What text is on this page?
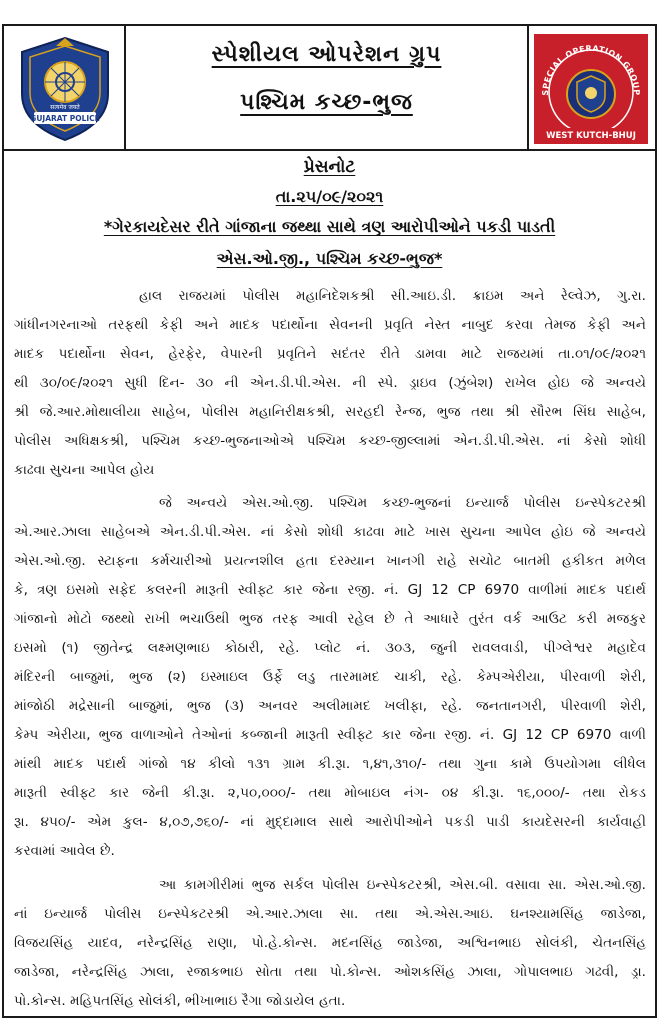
GUJARAT POLICE
सत्यमेव जयते
સ્પેશીયલ ઓપરેશન ગ્રુપ
પશ્ચિમ કચ્છ-ભુજ	SPECIAL OPERATION GROUP
WEST KUTCH-BHUJ
પ્રેસનોટ
તા.૨૫/૦૯/૨૦૨૧
*ગેરકાયદેસર રીતે ગાંજાના જથ્થા સાથે ત્રણ આરોપીઓને પકડી પાડતી
એસ.ઓ.જી., પશ્ચિમ કચ્છ-ભુજ*
હાલ રાજયમાં પોલીસ મહાનિદેશકશ્રી સી.આઇ.ડી. ક્રાઇમ અને રેલ્વેઝ, ગુ.રા.
ગાંધીનગરનાઓ તરફથી કેફી અને માદક પદાર્થોના સેવનની પ્રવૃતિ નેસ્ત નાબુદ કરવા તેમજ કેફી અને
માદક પદાર્થોના સેવન, હેરફેર, વેપારની પ્રવૃતિને સદંતર રીતે ડામવા માટે રાજયમાં તા.૦૧/૦૯/૨૦૨૧
થી ૩૦/૦૯/૨૦૨૧ સુધી દિન- ૩૦ ની એન.ડી.પી.એસ. ની સ્પે. ડ્રાઇવ (ઝુંબેશ) રાખેલ હોઇ જે અન્વયે
શ્રી જે.આર.મોથાલીયા સાહેબ, પોલીસ મહાનિરીક્ષકશ્રી, સરહદી રેન્જ, ભુજ તથા શ્રી સૌરભ સિંઘ સાહેબ,
પોલીસ અધિક્ષકશ્રી, પશ્ચિમ કચ્છ-ભુજનાઓએ પશ્ચિમ કચ્છ-જીલ્લામાં એન.ડી.પી.એસ. નાં કેસો શોધી
કાઢવા સુચના આપેલ હોય
જે અન્વયે એસ.ઓ.જી. પશ્ચિમ કચ્છ-ભુજનાં ઇન્યાર્જ પોલીસ ઇન્સ્પેકટરશ્રી
એ.આર.ઝાલા સાહેબએ એન.ડી.પી.એસ. નાં કેસો શોધી કાઢવા માટે ખાસ સુચના આપેલ હોઇ જે અન્વયે
એસ.ઓ.જી. સ્ટાફના કર્મચારીઓ પ્રયત્નશીલ હતા દરમ્યાન ખાનગી રાહે સચોટ બાતમી હકીકત મળેલ
કે, ત્રણ ઇસમો સફેદ કલરની મારૂતી સ્વીફ્ટ કાર જેના રજી. નં. GJ 12 CP 6970 વાળીમાં માદક પદાર્થ
ગાંજાનો મોટો જથ્થો રાખી ભચાઉથી ભુજ તરફ આવી રહેલ છે તે આધારે તુરંત વર્ક આઉટ કરી મજકુર
ઇસમો (૧) જીતેન્દ્ર લક્ષ્મણભાઇ કોઠારી, રહે. પ્લોટ નં. ૩૦૩, જુની રાવલવાડી, પીગ્લેશ્વર મહાદેવ
મંદિરની બાજુમાં, ભુજ (૨) ઇસ્માઇલ ઉર્ફે લડુ તારમામદ ચાકી, રહે. કેમ્પએરીયા, પીરવાળી શેરી,
માંજોઠી મદ્રેસાની બાજુમાં, ભુજ (૩) અનવર અલીમામદ ખલીફા, રહે. જનતાનગરી, પીરવાળી શેરી,
કેમ્પ એરીયા, ભુજ વાળાઓને તેઓનાં કબ્જાની મારૂતી સ્વીફ્ટ કાર જેના રજી. નં. GJ 12 CP 6970 વાળી
માંથી માદક પદાર્થ ગાંજો ૧૪ કીલો ૧૩૧ ગ્રામ કી.રૂા. ૧,૪૧,૩૧૦/- તથા ગુના કામે ઉપયોગમા લીધેલ
મારૂતી સ્વીફ્ટ કાર જેની કી.રૂા. ૨,૫૦,૦૦૦/- તથા મોબાઇલ નંગ- ૦૪ કી.રૂા. ૧૬,૦૦૦/- તથા રોકડ
રૂા. ૪૫૦/- એમ કુલ- ૪,૦૭,૭૬૦/- નાં મુદ્દામાલ સાથે આરોપીઓને પકડી પાડી કાયદેસરની કાર્યવાહી
કરવામાં આવેલ છે.
આ કામગીરીમાં ભુજ સર્કલ પોલીસ ઇન્સ્પેકટરશ્રી, એસ.બી. વસાવા સા. એસ.ઓ.જી.
નાં ઇન્યાર્જ પોલીસ ઇન્સ્પેકટરશ્રી એ.આર.ઝાલા સા. તથા એ.એસ.આઇ. ઘનશ્યામસિંહ જાડેજા,
વિજયસિંહ યાદવ, નરેન્દ્રસિંહ રાણા, પો.હે.કોન્સ. મદનસિંહ જાડેજા, અશ્વિનભાઇ સોલંકી, ચેતનસિંહ
જાડેજા, નરેન્દ્રસિંહ ઝાલા, રજાકભાઇ સોતા તથા પો.કોન્સ. ઓશકસિંહ ઝાલા, ગોપાલભાઇ ગઢવી, ડ્રા.
પો.કોન્સ. મહિપતસિંહ સોલંકી, ભીખાભાઇ રૈગા જોડાયેલ હતા.
